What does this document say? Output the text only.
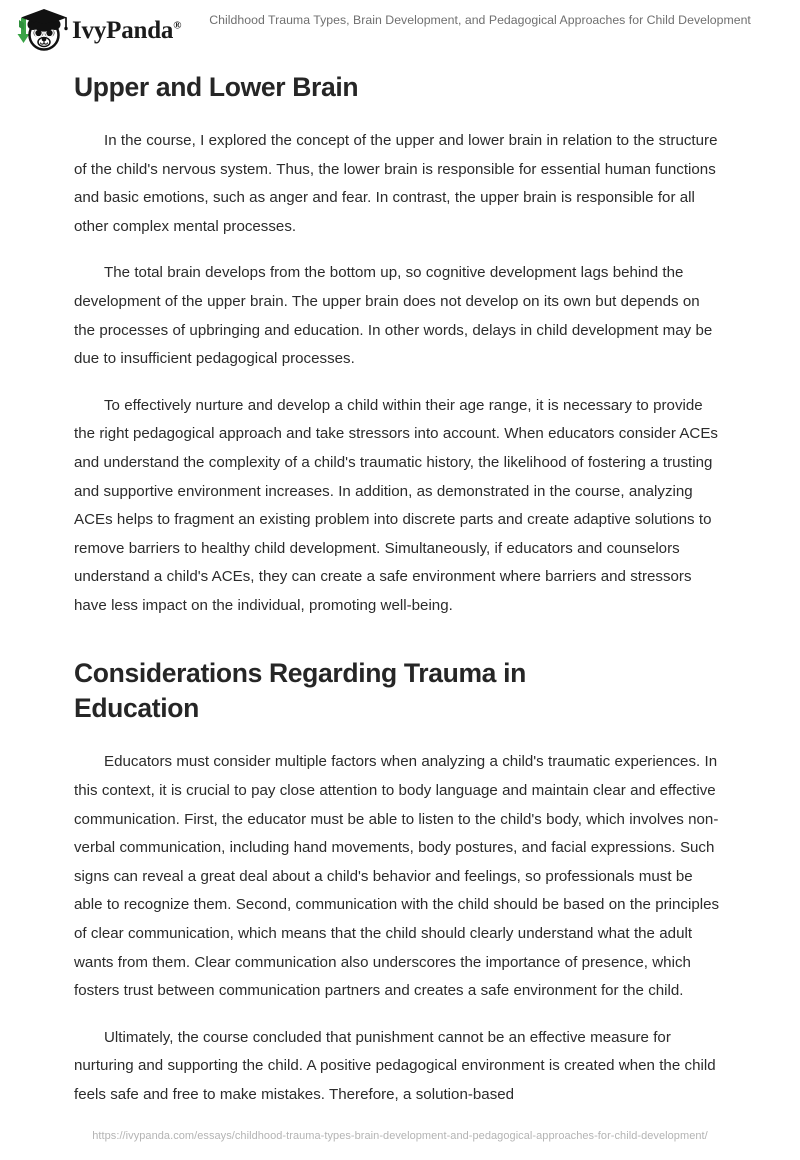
IvyPanda® Childhood Trauma Types, Brain Development, and Pedagogical Approaches for Child Development
Upper and Lower Brain

In the course, I explored the concept of the upper and lower brain in relation to the structure of the child's nervous system. Thus, the lower brain is responsible for essential human functions and basic emotions, such as anger and fear. In contrast, the upper brain is responsible for all other complex mental processes.

The total brain develops from the bottom up, so cognitive development lags behind the development of the upper brain. The upper brain does not develop on its own but depends on the processes of upbringing and education. In other words, delays in child development may be due to insufficient pedagogical processes.

To effectively nurture and develop a child within their age range, it is necessary to provide the right pedagogical approach and take stressors into account. When educators consider ACEs and understand the complexity of a child's traumatic history, the likelihood of fostering a trusting and supportive environment increases. In addition, as demonstrated in the course, analyzing ACEs helps to fragment an existing problem into discrete parts and create adaptive solutions to remove barriers to healthy child development. Simultaneously, if educators and counselors understand a child's ACEs, they can create a safe environment where barriers and stressors have less impact on the individual, promoting well-being.

Considerations Regarding Trauma in Education

Educators must consider multiple factors when analyzing a child's traumatic experiences. In this context, it is crucial to pay close attention to body language and maintain clear and effective communication. First, the educator must be able to listen to the child's body, which involves non-verbal communication, including hand movements, body postures, and facial expressions. Such signs can reveal a great deal about a child's behavior and feelings, so professionals must be able to recognize them. Second, communication with the child should be based on the principles of clear communication, which means that the child should clearly understand what the adult wants from them. Clear communication also underscores the importance of presence, which fosters trust between communication partners and creates a safe environment for the child.

Ultimately, the course concluded that punishment cannot be an effective measure for nurturing and supporting the child. A positive pedagogical environment is created when the child feels safe and free to make mistakes. Therefore, a solution-based

https://ivypanda.com/essays/childhood-trauma-types-brain-development-and-pedagogical-approaches-for-child-development/
